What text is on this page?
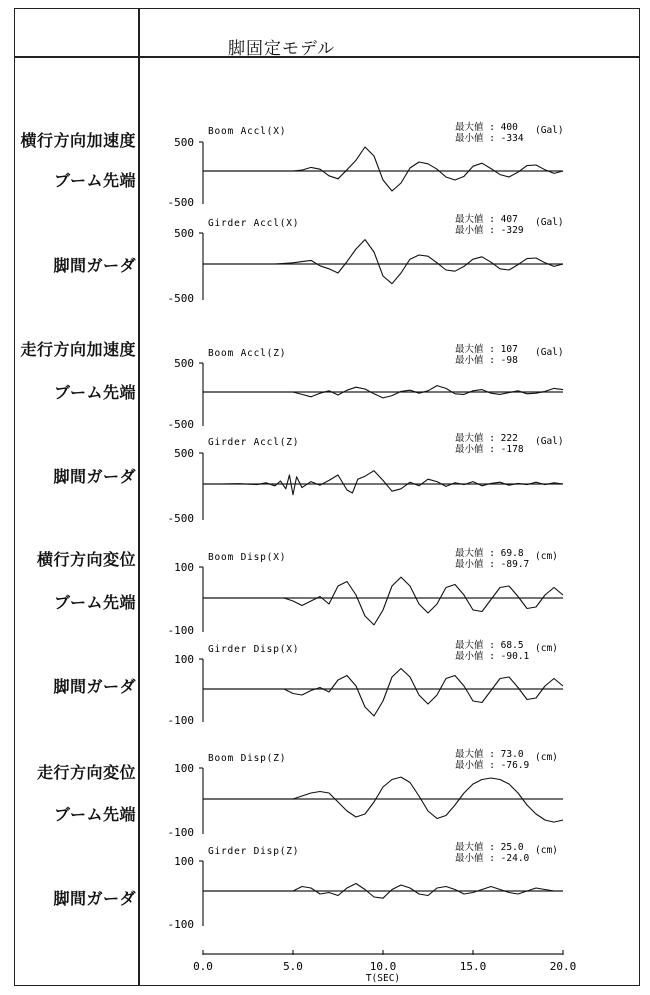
脚固定モデル
横行方向加速度
ブーム先端
脚間ガーダ
走行方向加速度
ブーム先端
脚間ガーダ
横行方向変位
ブーム先端
脚間ガーダ
走行方向変位
ブーム先端
脚間ガーダ
500
-500
Boom Accl(X)	最大値 : 400
最小値 : -334
(Gal)
500
-500
Girder Accl(X)	最大値 : 407
最小値 : -329
(Gal)
500
-500
Boom Accl(Z)	最大値 : 107
最小値 : -98
(Gal)
500
-500
Girder Accl(Z)	最大値 : 222
最小値 : -178
(Gal)
100
-100
Boom Disp(X)	最大値 : 69.8
最小値 : -89.7
(cm)
100
-100
Girder Disp(X)	最大値 : 68.5
最小値 : -90.1
(cm)
100
-100
Boom Disp(Z)	最大値 : 73.0
最小値 : -76.9
(cm)
100
-100
Girder Disp(Z)	最大値 : 25.0
最小値 : -24.0
(cm)
0.0	5.0	10.0	15.0	20.0
T(SEC)
